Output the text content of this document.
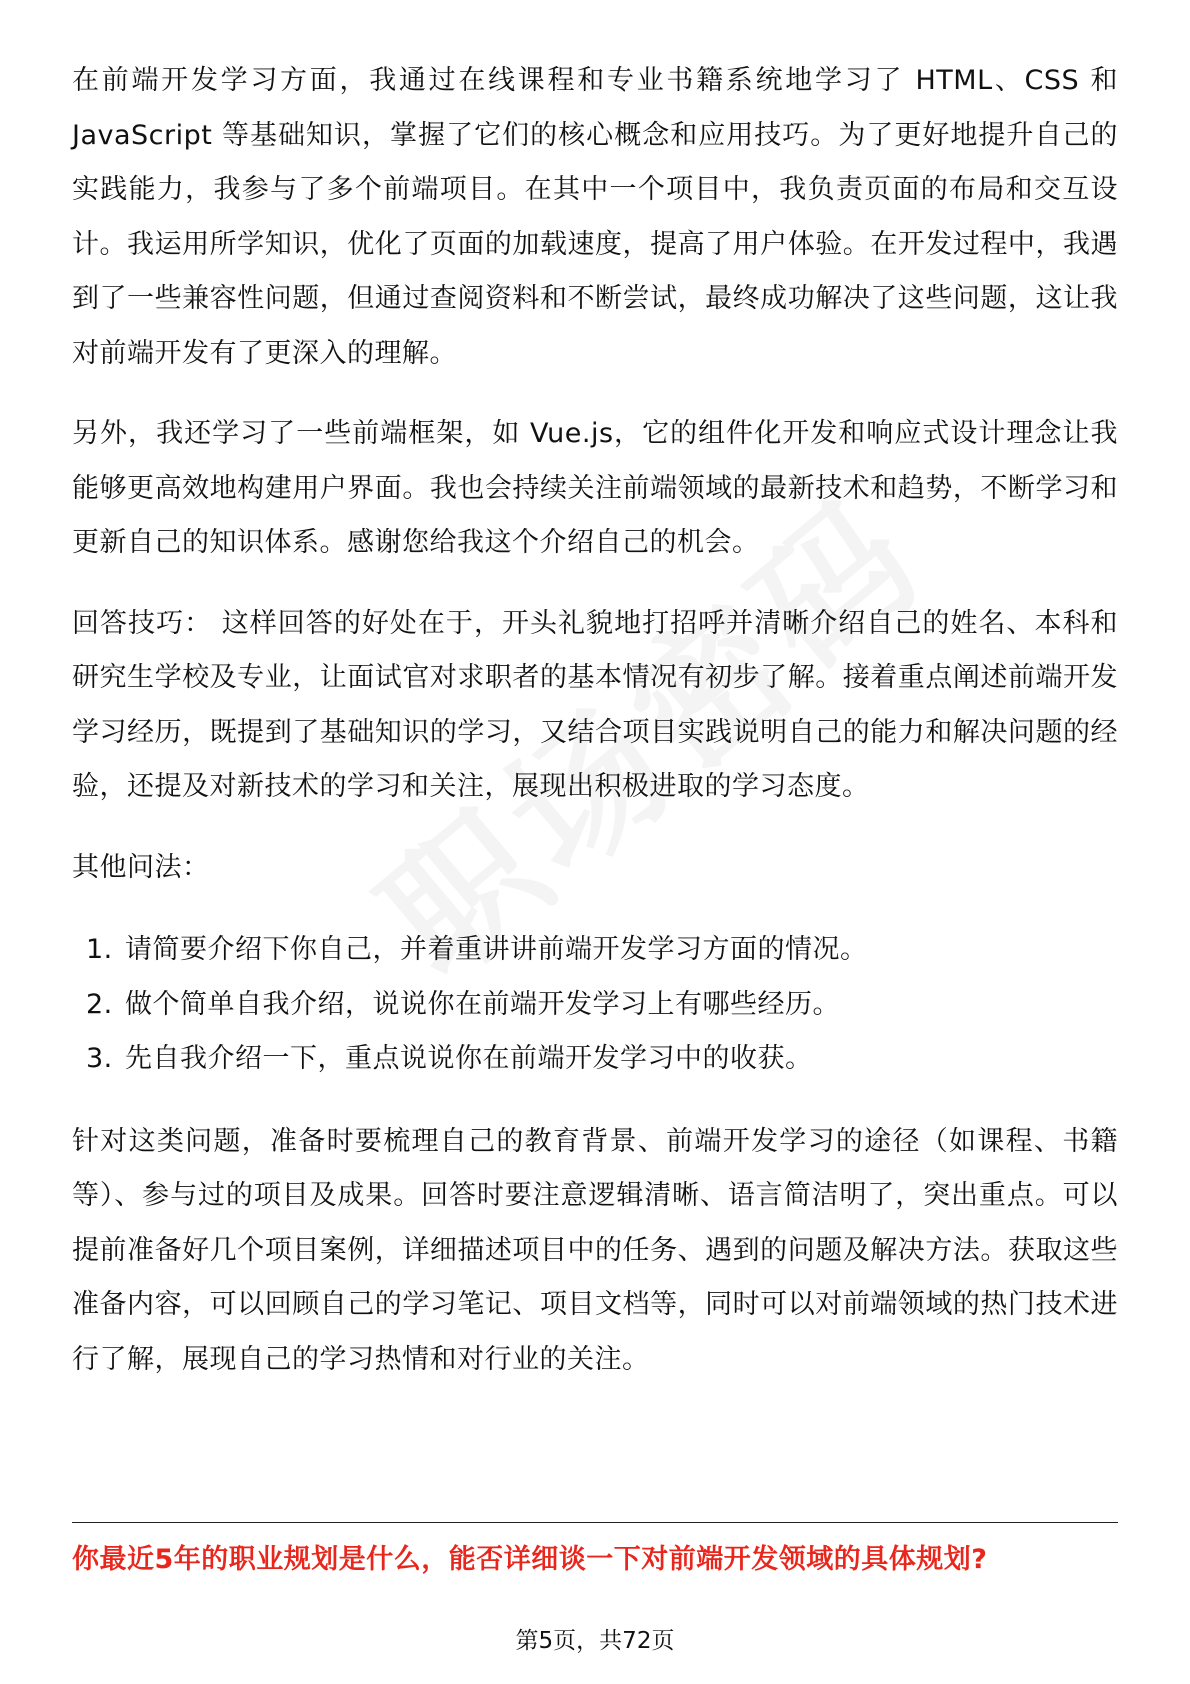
在前端开发学习方面，我通过在线课程和专业书籍系统地学习了 HTML、CSS 和 JavaScript 等基础知识，掌握了它们的核心概念和应用技巧。为了更好地提升自己的实践能力，我参与了多个前端项目。在其中一个项目中，我负责页面的布局和交互设计。我运用所学知识，优化了页面的加载速度，提高了用户体验。在开发过程中，我遇到了一些兼容性问题，但通过查阅资料和不断尝试，最终成功解决了这些问题，这让我对前端开发有了更深入的理解。

另外，我还学习了一些前端框架，如 Vue.js，它的组件化开发和响应式设计理念让我能够更高效地构建用户界面。我也会持续关注前端领域的最新技术和趋势，不断学习和更新自己的知识体系。感谢您给我这个介绍自己的机会。

回答技巧： 这样回答的好处在于，开头礼貌地打招呼并清晰介绍自己的姓名、本科和研究生学校及专业，让面试官对求职者的基本情况有初步了解。接着重点阐述前端开发学习经历，既提到了基础知识的学习，又结合项目实践说明自己的能力和解决问题的经验，还提及对新技术的学习和关注，展现出积极进取的学习态度。

其他问法：

1. 请简要介绍下你自己，并着重讲讲前端开发学习方面的情况。
2. 做个简单自我介绍，说说你在前端开发学习上有哪些经历。
3. 先自我介绍一下，重点说说你在前端开发学习中的收获。

针对这类问题，准备时要梳理自己的教育背景、前端开发学习的途径（如课程、书籍等）、参与过的项目及成果。回答时要注意逻辑清晰、语言简洁明了，突出重点。可以提前准备好几个项目案例，详细描述项目中的任务、遇到的问题及解决方法。获取这些准备内容，可以回顾自己的学习笔记、项目文档等，同时可以对前端领域的热门技术进行了解，展现自己的学习热情和对行业的关注。

你最近5年的职业规划是什么，能否详细谈一下对前端开发领域的具体规划?
第5页，共72页
